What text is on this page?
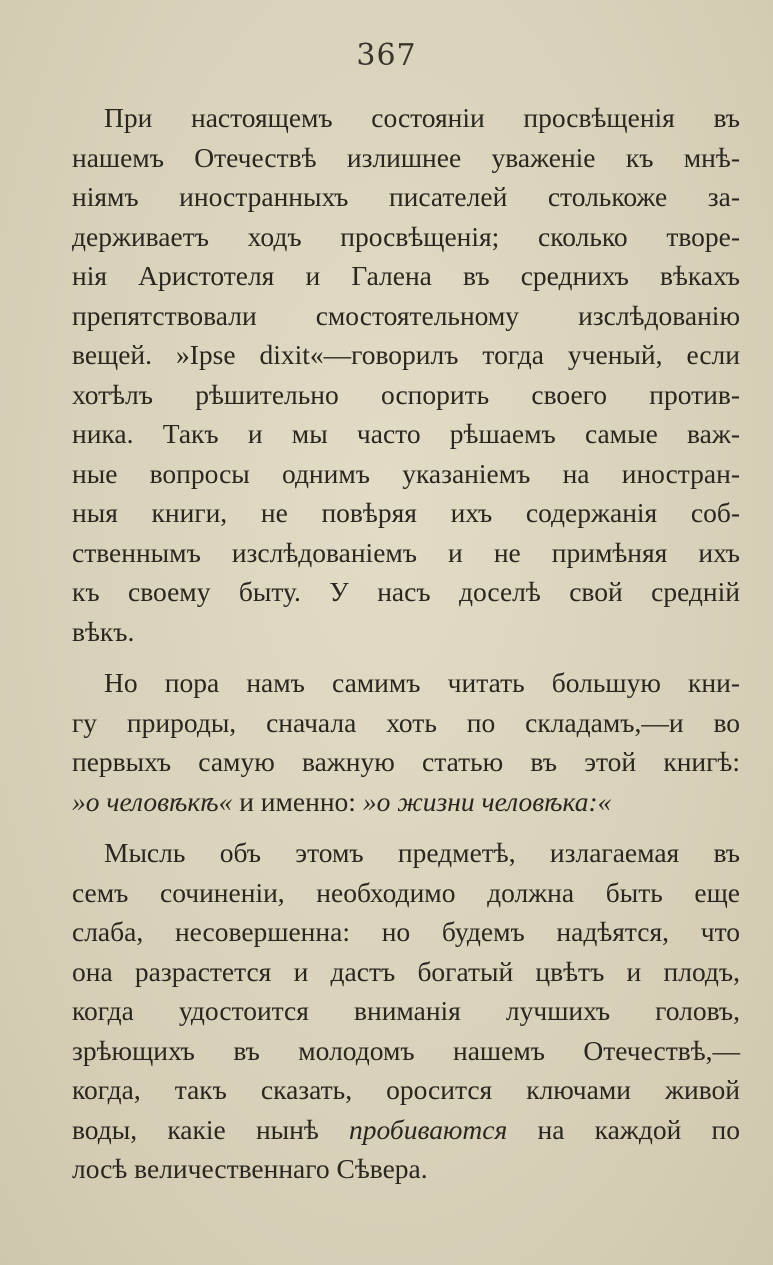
367
При настоящемъ состояніи просвѣщенія въ
нашемъ Отечествѣ излишнее уваженіе къ мнѣ-
ніямъ иностранныхъ писателей столькоже за-
держиваетъ ходъ просвѣщенія; сколько творе-
нія Аристотеля и Галена въ среднихъ вѣкахъ
препятствовали смостоятельному изслѣдованію
вещей. »Ipse dixit«—говорилъ тогда ученый, если
хотѣлъ рѣшительно оспорить своего против-
ника. Такъ и мы часто рѣшаемъ самые важ-
ные вопросы однимъ указаніемъ на иностран-
ныя книги, не повѣряя ихъ содержанія соб-
ственнымъ изслѣдованіемъ и не примѣняя ихъ
къ своему быту. У насъ доселѣ свой средній
вѣкъ.
Но пора намъ самимъ читать большую кни-
гу природы, сначала хоть по складамъ,—и во
первыхъ самую важную статью въ этой книгѣ:
»о человѣкѣ« и именно: »о жизни человѣка:«
Мысль объ этомъ предметѣ, излагаемая въ
семъ сочиненіи, необходимо должна быть еще
слаба, несовершенна: но будемъ надѣятся, что
она разрастется и дастъ богатый цвѣтъ и плодъ,
когда удостоится вниманія лучшихъ головъ,
зрѣющихъ въ молодомъ нашемъ Отечествѣ,—
когда, такъ сказать, оросится ключами живой
воды, какіе нынѣ пробиваются на каждой по
лосѣ величественнаго Сѣвера.
